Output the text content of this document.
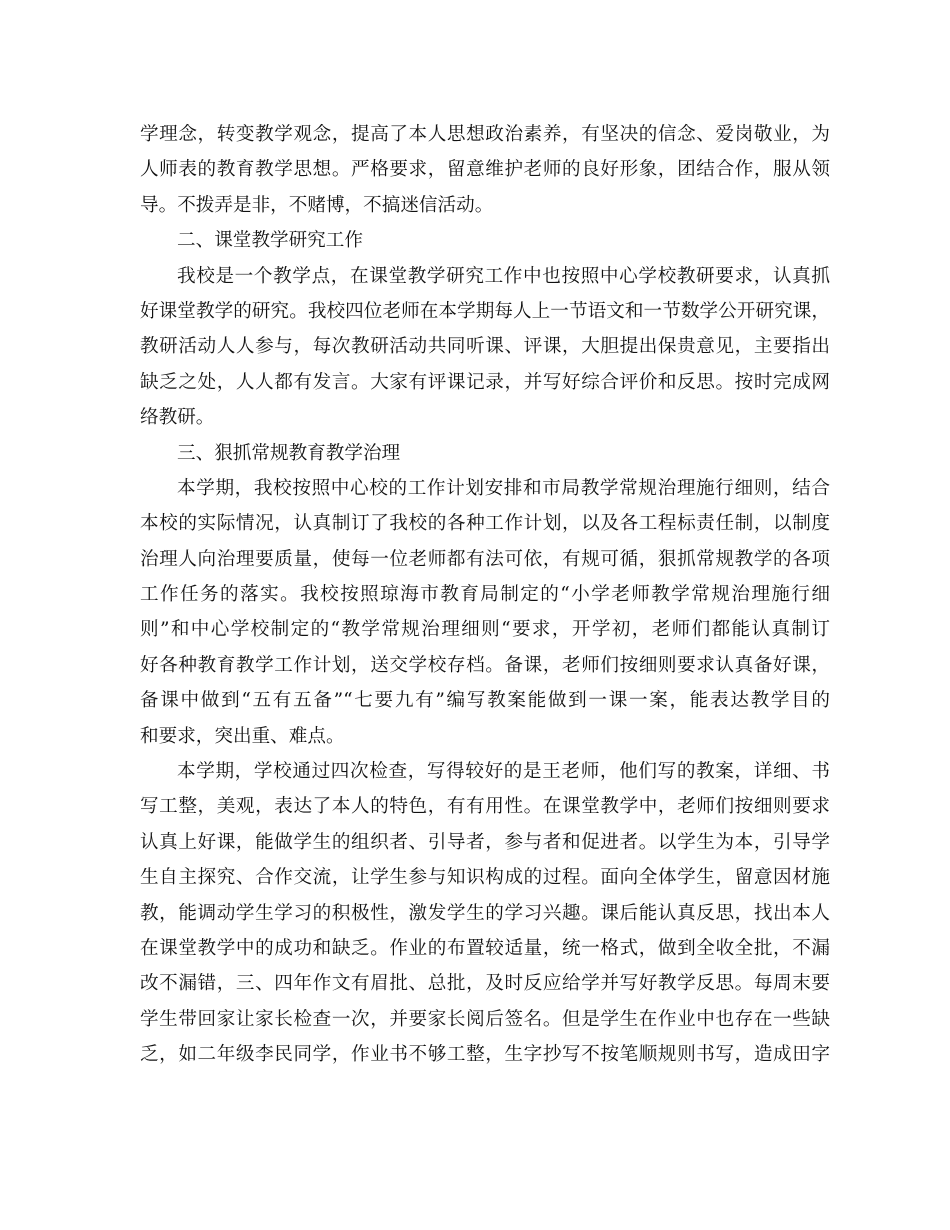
学理念，转变教学观念，提高了本人思想政治素养，有坚决的信念、爱岗敬业，为
人师表的教育教学思想。严格要求，留意维护老师的良好形象，团结合作，服从领
导。不拨弄是非，不赌博，不搞迷信活动。
二、课堂教学研究工作
我校是一个教学点，在课堂教学研究工作中也按照中心学校教研要求，认真抓
好课堂教学的研究。我校四位老师在本学期每人上一节语文和一节数学公开研究课，
教研活动人人参与，每次教研活动共同听课、评课，大胆提出保贵意见，主要指出
缺乏之处，人人都有发言。大家有评课记录，并写好综合评价和反思。按时完成网
络教研。
三、狠抓常规教育教学治理
本学期，我校按照中心校的工作计划安排和市局教学常规治理施行细则，结合
本校的实际情况，认真制订了我校的各种工作计划，以及各工程标责任制，以制度
治理人向治理要质量，使每一位老师都有法可依，有规可循，狠抓常规教学的各项
工作任务的落实。我校按照琼海市教育局制定的“小学老师教学常规治理施行细
则”和中心学校制定的“教学常规治理细则“要求，开学初，老师们都能认真制订
好各种教育教学工作计划，送交学校存档。备课，老师们按细则要求认真备好课，
备课中做到“五有五备”“七要九有”编写教案能做到一课一案，能表达教学目的
和要求，突出重、难点。
本学期，学校通过四次检查，写得较好的是王老师，他们写的教案，详细、书
写工整，美观，表达了本人的特色，有有用性。在课堂教学中，老师们按细则要求
认真上好课，能做学生的组织者、引导者，参与者和促进者。以学生为本，引导学
生自主探究、合作交流，让学生参与知识构成的过程。面向全体学生，留意因材施
教，能调动学生学习的积极性，激发学生的学习兴趣。课后能认真反思，找出本人
在课堂教学中的成功和缺乏。作业的布置较适量，统一格式，做到全收全批，不漏
改不漏错，三、四年作文有眉批、总批，及时反应给学并写好教学反思。每周末要
学生带回家让家长检查一次，并要家长阅后签名。但是学生在作业中也存在一些缺
乏，如二年级李民同学，作业书不够工整，生字抄写不按笔顺规则书写，造成田字
